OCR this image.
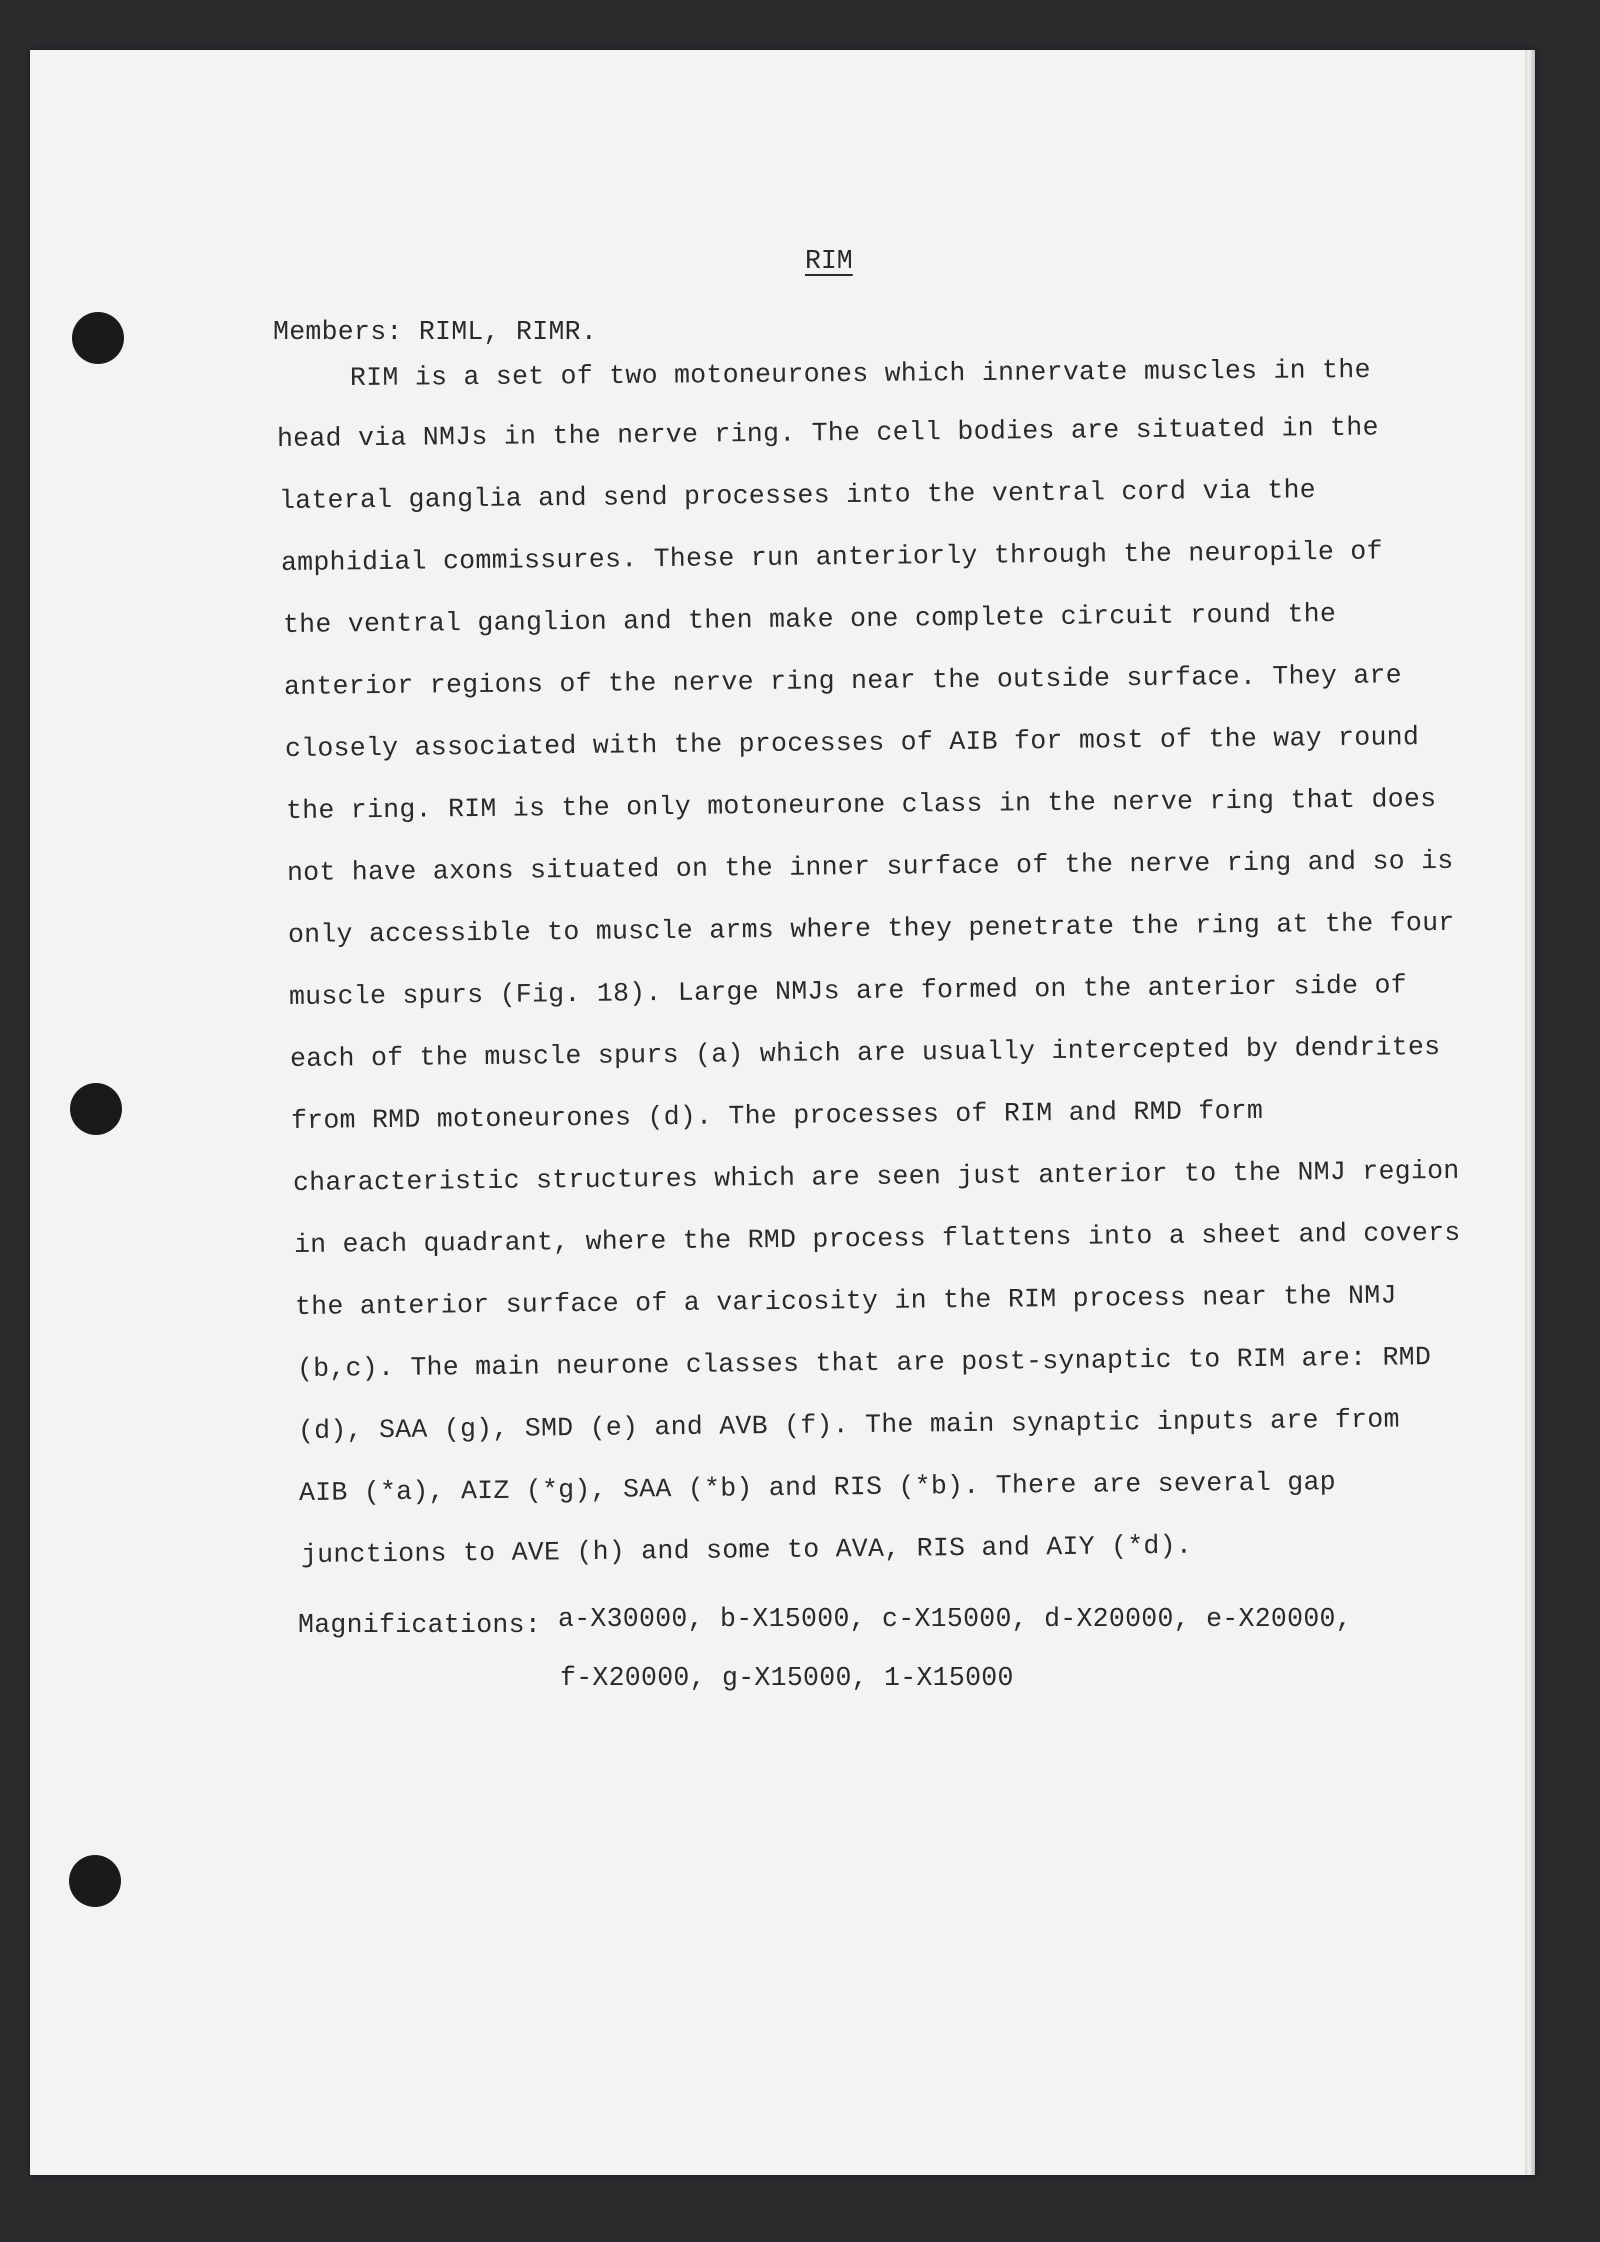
RIM
Members: RIML, RIMR.
RIM is a set of two motoneurones which innervate muscles in the
head via NMJs in the nerve ring. The cell bodies are situated in the
lateral ganglia and send processes into the ventral cord via the
amphidial commissures. These run anteriorly through the neuropile of
the ventral ganglion and then make one complete circuit round the
anterior regions of the nerve ring near the outside surface. They are
closely associated with the processes of AIB for most of the way round
the ring. RIM is the only motoneurone class in the nerve ring that does
not have axons situated on the inner surface of the nerve ring and so is
only accessible to muscle arms where they penetrate the ring at the four
muscle spurs (Fig. 18). Large NMJs are formed on the anterior side of
each of the muscle spurs (a) which are usually intercepted by dendrites
from RMD motoneurones (d). The processes of RIM and RMD form
characteristic structures which are seen just anterior to the NMJ region
in each quadrant, where the RMD process flattens into a sheet and covers
the anterior surface of a varicosity in the RIM process near the NMJ
(b,c). The main neurone classes that are post-synaptic to RIM are: RMD
(d), SAA (g), SMD (e) and AVB (f). The main synaptic inputs are from
AIB (*a), AIZ (*g), SAA (*b) and RIS (*b). There are several gap
junctions to AVE (h) and some to AVA, RIS and AIY (*d).
Magnifications: a-X30000, b-X15000, c-X15000, d-X20000, e-X20000,
f-X20000, g-X15000, 1-X15000
